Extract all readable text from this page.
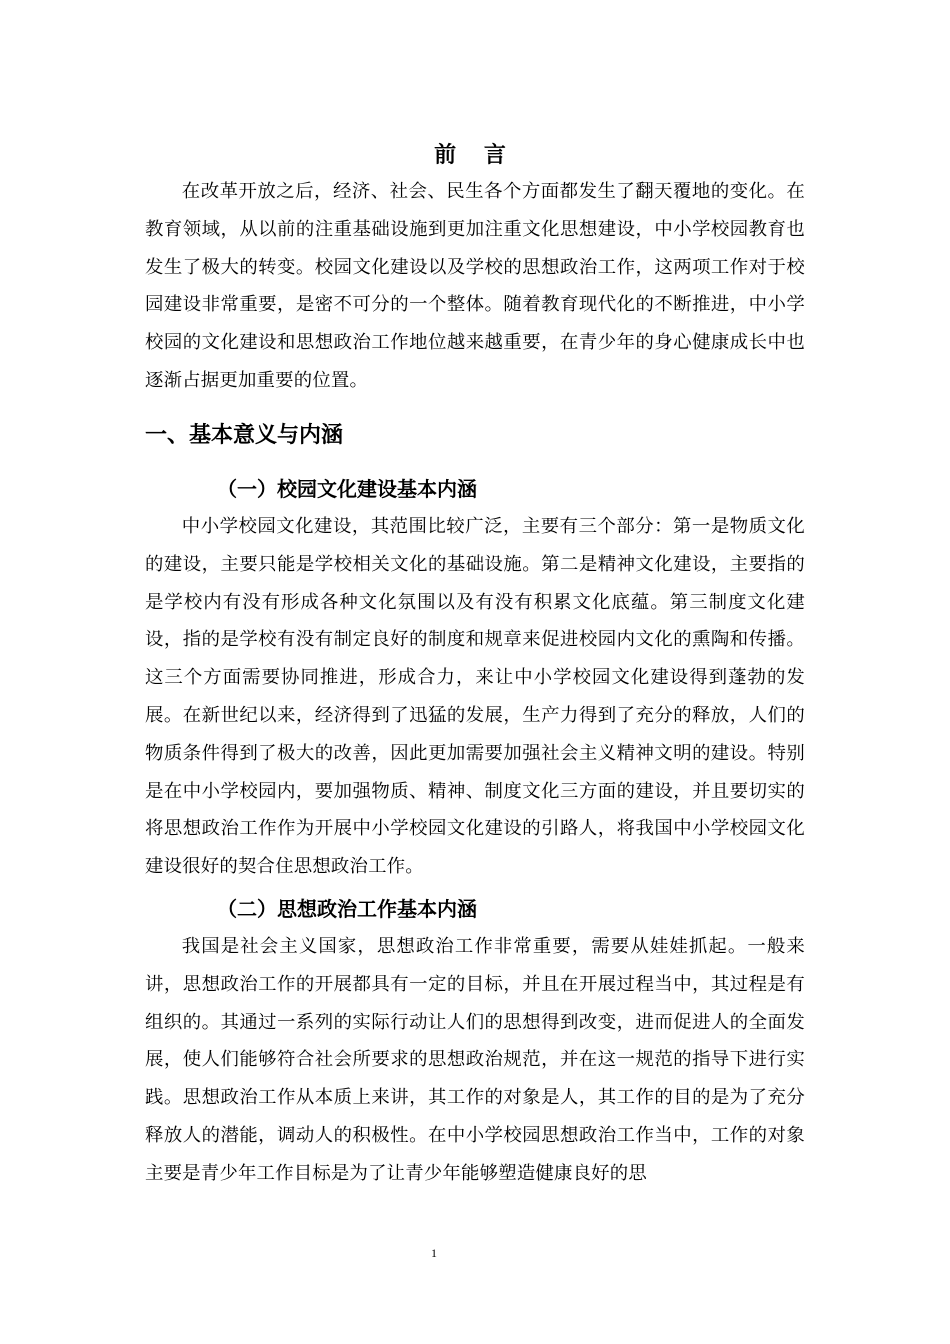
前 言

在改革开放之后，经济、社会、民生各个方面都发生了翻天覆地的变化。在教育领域，从以前的注重基础设施到更加注重文化思想建设，中小学校园教育也发生了极大的转变。校园文化建设以及学校的思想政治工作，这两项工作对于校园建设非常重要，是密不可分的一个整体。随着教育现代化的不断推进，中小学校园的文化建设和思想政治工作地位越来越重要，在青少年的身心健康成长中也逐渐占据更加重要的位置。

一、基本意义与内涵
（一）校园文化建设基本内涵

中小学校园文化建设，其范围比较广泛，主要有三个部分：第一是物质文化的建设，主要只能是学校相关文化的基础设施。第二是精神文化建设，主要指的是学校内有没有形成各种文化氛围以及有没有积累文化底蕴。第三制度文化建设，指的是学校有没有制定良好的制度和规章来促进校园内文化的熏陶和传播。这三个方面需要协同推进，形成合力，来让中小学校园文化建设得到蓬勃的发展。在新世纪以来，经济得到了迅猛的发展，生产力得到了充分的释放，人们的物质条件得到了极大的改善，因此更加需要加强社会主义精神文明的建设。特别是在中小学校园内，要加强物质、精神、制度文化三方面的建设，并且要切实的将思想政治工作作为开展中小学校园文化建设的引路人，将我国中小学校园文化建设很好的契合住思想政治工作。

（二）思想政治工作基本内涵

我国是社会主义国家，思想政治工作非常重要，需要从娃娃抓起。一般来讲，思想政治工作的开展都具有一定的目标，并且在开展过程当中，其过程是有组织的。其通过一系列的实际行动让人们的思想得到改变，进而促进人的全面发展，使人们能够符合社会所要求的思想政治规范，并在这一规范的指导下进行实践。思想政治工作从本质上来讲，其工作的对象是人，其工作的目的是为了充分释放人的潜能，调动人的积极性。在中小学校园思想政治工作当中，工作的对象主要是青少年工作目标是为了让青少年能够塑造健康良好的思

1
